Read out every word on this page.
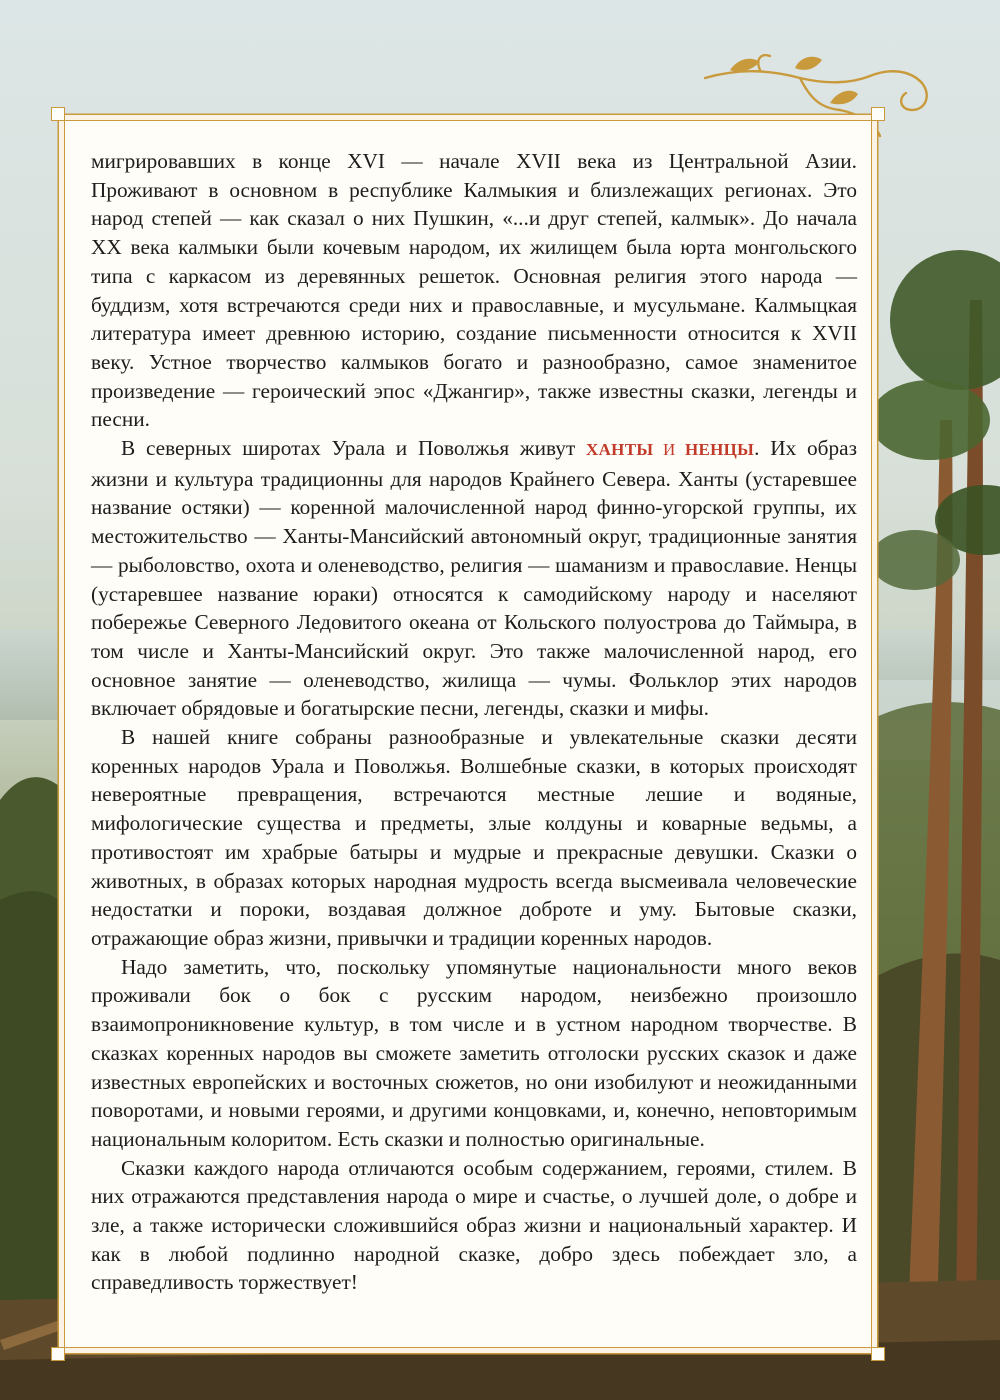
мигрировавших в конце XVI — начале XVII века из Центральной Азии. Проживают в основном в республике Калмыкия и близлежащих регионах. Это народ степей — как сказал о них Пушкин, «...и друг степей, калмык». До начала XX века калмыки были кочевым народом, их жилищем была юрта монгольского типа с каркасом из деревянных решеток. Основная религия этого народа — буддизм, хотя встречаются среди них и православные, и мусульмане. Калмыцкая литература имеет древнюю историю, создание письменности относится к XVII веку. Устное творчество калмыков богато и разнообразно, самое знаменитое произведение — героический эпос «Джангир», также известны сказки, легенды и песни.

В северных широтах Урала и Поволжья живут ХАНТЫ И НЕНЦЫ. Их образ жизни и культура традиционны для народов Крайнего Севера. Ханты (устаревшее название остяки) — коренной малочисленной народ финно-угорской группы, их местожительство — Ханты-Мансийский автономный округ, традиционные занятия — рыболовство, охота и оленеводство, религия — шаманизм и православие. Ненцы (устаревшее название юраки) относятся к самодийскому народу и населяют побережье Северного Ледовитого океана от Кольского полуострова до Таймыра, в том числе и Ханты-Мансийский округ. Это также малочисленной народ, его основное занятие — оленеводство, жилища — чумы. Фольклор этих народов включает обрядовые и богатырские песни, легенды, сказки и мифы.

В нашей книге собраны разнообразные и увлекательные сказки десяти коренных народов Урала и Поволжья. Волшебные сказки, в которых происходят невероятные превращения, встречаются местные лешие и водяные, мифологические существа и предметы, злые колдуны и коварные ведьмы, а противостоят им храбрые батыры и мудрые и прекрасные девушки. Сказки о животных, в образах которых народная мудрость всегда высмеивала человеческие недостатки и пороки, воздавая должное доброте и уму. Бытовые сказки, отражающие образ жизни, привычки и традиции коренных народов.

Надо заметить, что, поскольку упомянутые национальности много веков проживали бок о бок с русским народом, неизбежно произошло взаимопроникновение культур, в том числе и в устном народном творчестве. В сказках коренных народов вы сможете заметить отголоски русских сказок и даже известных европейских и восточных сюжетов, но они изобилуют и неожиданными поворотами, и новыми героями, и другими концовками, и, конечно, неповторимым национальным колоритом. Есть сказки и полностью оригинальные.

Сказки каждого народа отличаются особым содержанием, героями, стилем. В них отражаются представления народа о мире и счастье, о лучшей доле, о добре и зле, а также исторически сложившийся образ жизни и национальный характер. И как в любой подлинно народной сказке, добро здесь побеждает зло, а справедливость торжествует!
